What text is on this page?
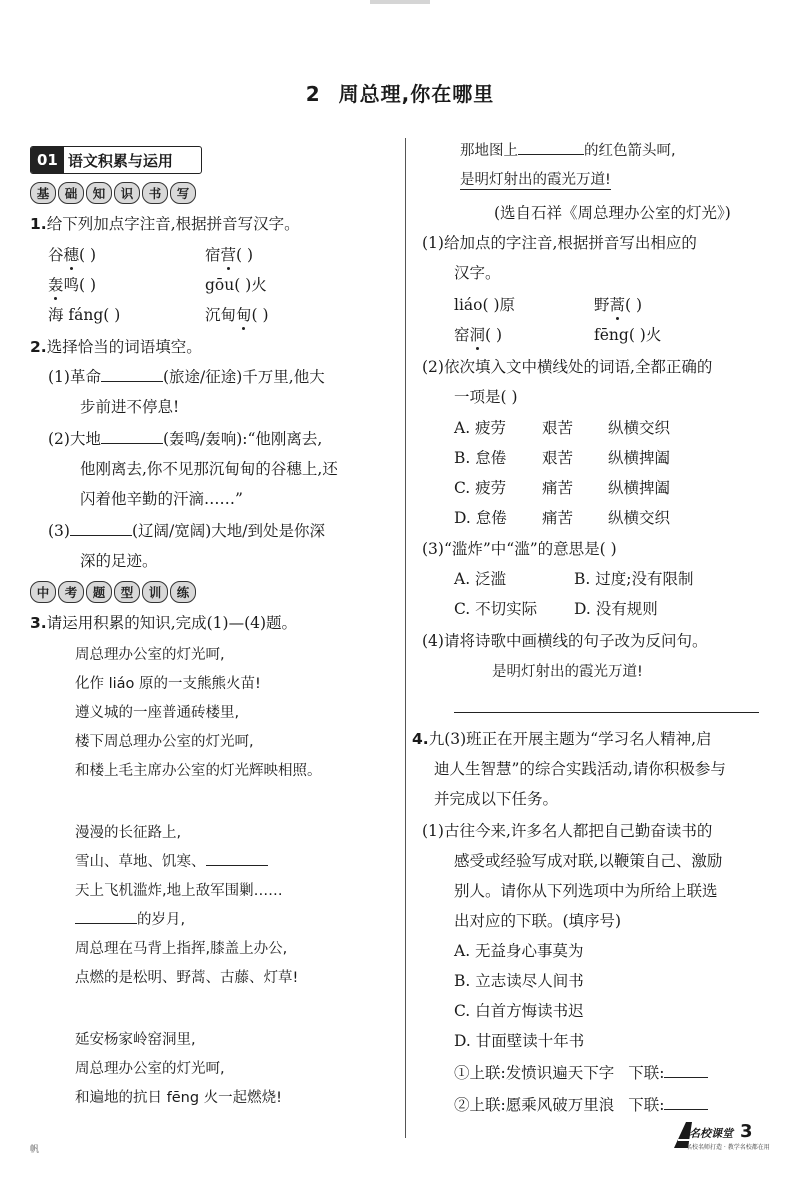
2 周总理,你在哪里
01 语文积累与运用
基	础	知	识	书	写
1.给下列加点字注音,根据拼音写汉字。
谷穗( )	宿营( )
轰鸣( )	gōu( )火
海 fáng( )	沉甸甸( )
2.选择恰当的词语填空。
(1)革命	(旅途/征途)千万里,他大
步前进不停息!
(2)大地	(轰鸣/轰响):“他刚离去,
他刚离去,你不见那沉甸甸的谷穗上,还
闪着他辛勤的汗滴……”
(3)	(辽阔/宽阔)大地/到处是你深
深的足迹。
中	考	题	型	训	练
3.请运用积累的知识,完成(1)—(4)题。
周总理办公室的灯光呵,
化作 liáo 原的一支熊熊火苗!
遵义城的一座普通砖楼里,
楼下周总理办公室的灯光呵,
和楼上毛主席办公室的灯光辉映相照。
漫漫的长征路上,
雪山、草地、饥寒、
天上飞机滥炸,地上敌军围剿……
的岁月,
周总理在马背上指挥,膝盖上办公,
点燃的是松明、野蒿、古藤、灯草!
延安杨家岭窑洞里,
周总理办公室的灯光呵,
和遍地的抗日 fēng 火一起燃烧!
那地图上	的红色箭头呵,
是明灯射出的霞光万道!
(选自石祥《周总理办公室的灯光》)
(1)给加点的字注音,根据拼音写出相应的
汉字。
liáo( )原	野蒿( )
窑洞( )	fēng( )火
(2)依次填入文中横线处的词语,全都正确的
一项是( )
A. 疲劳 艰苦 纵横交织
B. 怠倦 艰苦 纵横捭阖
C. 疲劳 痛苦 纵横捭阖
D. 怠倦 痛苦 纵横交织
(3)“滥炸”中“滥”的意思是( )
A. 泛滥	B. 过度;没有限制
C. 不切实际 D. 没有规则
(4)请将诗歌中画横线的句子改为反问句。
是明灯射出的霞光万道!
4.九(3)班正在开展主题为“学习名人精神,启
迪人生智慧”的综合实践活动,请你积极参与
并完成以下任务。
(1)古往今来,许多名人都把自己勤奋读书的
感受或经验写成对联,以鞭策自己、激励
别人。请你从下列选项中为所给上联选
出对应的下联。(填序号)
A. 无益身心事莫为
B. 立志读尽人间书
C. 白首方悔读书迟
D. 甘面壁读十年书
①上联:发愤识遍天下字 下联:
②上联:愿乘风破万里浪 下联:
帆
名校课堂
名校名师打造 · 教学名校都在用
3
